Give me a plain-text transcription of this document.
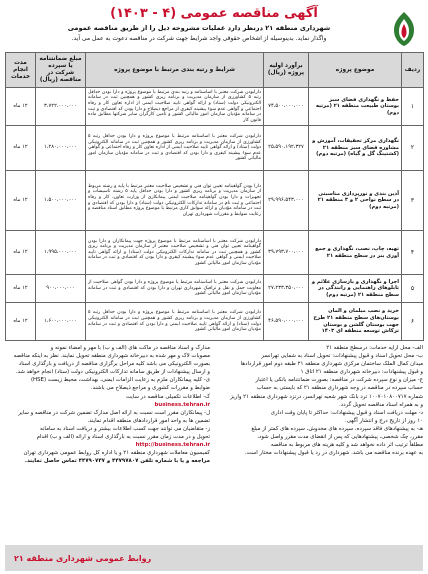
آگهی مناقصه عمومی (۴ - ۱۴۰۳)
شهرداری منطقه ۲۱ درنظر دارد عملیات مشروحه ذیل را از طریق مناقصه عمومی
واگذار نماید. بدینوسیله از اشخاص حقوقی واجد شرایط جهت شرکت در مناقصه دعوت به عمل می آید.
ردیف	موضوع پروژه	برآورد اولیه پروژه (ریال)	شرایط و رتبه بندی مرتبط با موضوع پروژه	مبلغ ضمانتنامه یا سپرده شرکت در مناقصه (ریال)	مدت انجام خدمات
۱	حفظ و نگهداری فضای سبز بوستان طبیعت منطقه ۲۱ (مرتبه دوم)	۷۴،۵۰۰،۰۰۰،۰۰۰	دارابودن شرکت معتبر با اساسنامه و رتبه بندی مرتبط با موضوع پروژه و دارا بودن حداقل رتبه ۵ کشاورزی از سازمان مدیریت و برنامه ریزی کشور و همچنین ثبت در سامانه الکترونیکی دولت (ستاد) و ارائه گواهی تایید صلاحیت ایمنی از اداره تعاون کار و رفاه اجتماعی و گواهی عدم سوء پیشینه کیفری از مراجع ذیصلاح و دارا بودن کد اقتصادی و ثبت در سامانه مؤدیان سازمان امور مالیاتی کشور و تأمین کارگران سایر شرکتها مطابق ماده قانون کار	۳،۷۲۲،۰۰۰،۰۰۰	۱۲ ماه
۲	نگهداری مرکز تحقیقات، آموزش و مشاوره فضای سبز منطقه ۲۱ (کشتینگ گل و گیاه) (مرتبه دوم)	۲۵،۵۹۰،۱۹۲،۳۲۷	دارابودن شرکت معتبر با اساسنامه مرتبط با موضوع پروژه و دارا بودن حداقل رتبه ۵ کشاورزی از سازمان مدیریت و برنامه ریزی کشور و همچنین ثبت در سامانه الکترونیکی دولت (ستاد) و ارائه گواهی تایید صلاحیت ایمنی از اداره تعاون کار و رفاه اجتماعی و گواهی عدم سوء پیشینه کیفری و دارا بودن کد اقتصادی و ثبت در سامانه مؤدیان سازمان امور مالیاتی کشور	۱،۲۸۰،۰۰۰،۰۰۰	۱۲ ماه
۳	آذین بندی و نورپردازی مناسبتی در سطح نواحی ۲ و ۳ منطقه ۲۱ (مرتبه دوم)	۲۹،۹۹۶،۵۴۳،۰۰۰	دارا بودن گواهینامه تعیین توان فنی و تشخیص صلاحیت معتبر مرتبط با پایه و رشته مربوط از سازمان مدیریت و برنامه ریزی کشور و دارا بودن حداقل پایه ۵ رشته تاسیسات و تجهیزات و دارا بودن گواهینامه صلاحیت ایمنی پیمانکاری از وزارت تعاون، کار و رفاه اجتماعی و ثبت نام در سامانه تدارکات الکترونیکی دولت (ستاد) و دارا بودن کد اقتصادی و ثبت در سامانه مؤدیان و ارائه سوابق کاری مرتبط با موضوع پروژه مطابق اسناد مناقصه و رعایت ضوابط و مقررات شهرداری تهران	۱،۵۰۰،۰۰۰،۰۰۰	۱۲ ماه
۴	تهیه، چاپ، نصب، نگهداری و جمع آوری بنر در سطح منطقه ۲۱	۳۹،۷۹۳،۷۰۰،۰۰۰	دارابودن شرکت معتبر با اساسنامه مرتبط با موضوع پروژه جهت پیمانکاران و دارا بودن گواهینامه تعیین توان فنی و تشخیص صلاحیت معتبر از سازمان مدیریت و برنامه ریزی کشور و همچنین ثبت در سامانه تدارکات الکترونیکی دولت (ستاد) و ارائه گواهی تایید صلاحیت ایمنی و گواهی عدم سوء پیشینه کیفری و دارا بودن کد اقتصادی و ثبت در سامانه مؤدیان سازمان امور مالیاتی کشور	۱،۹۹۵،۰۰۰،۰۰۰	۱۲ ماه
۵	اجرا و نگهداری و بازسازی علائم و تابلوهای راهنمایی و رانندگی در سطح منطقه ۲۱ (مرتبه دوم)	۲۷،۲۳۳،۳۵۰،۰۰۰	دارابودن شرکت معتبر با اساسنامه مرتبط با موضوع پروژه و دارا بودن گواهی صلاحیت از معاونت حمل و نقل و ترافیک شهرداری تهران و دارا بودن کد اقتصادی و ثبت در سامانه مؤدیان سازمان امور مالیاتی کشور	۹۰۰،۰۰۰،۰۰۰	۱۲ ماه
۶	خرید و نصب مبلمان و المان بوستان‌های سطح منطقه ۲۱ طرح جهت بوستان گلشن و بوستان ترکاش توسعه منطقه ای ۱۴۰۳	۴۶،۵۹۰،۰۰۰،۰۰۰	دارابودن شرکت معتبر با اساسنامه مرتبط با موضوع پروژه و دارا بودن حداقل رتبه ۵ کشاورزی از سازمان مدیریت و برنامه ریزی کشور و همچنین ثبت در سامانه الکترونیکی دولت (ستاد) و ارائه گواهی تایید صلاحیت ایمنی و دارا بودن کد اقتصادی و ثبت در سامانه مؤدیان سازمان امور مالیاتی کشور	۱،۶۰۰،۰۰۰،۰۰۰	۱۲ ماه
الف- محل ارایه خدمات: درسطح منطقه ۲۱
ب- محل تحویل اسناد و قبول پیشنهادات: تحویل اسناد به شمایی تهرانسر
میدان کمال الملک ساختمان مرکزی شهرداری منطقه ۲۱ طبقه دوم امور قراردادها
و قبول پیشنهادات: دبیرخانه شهرداری منطقه ۲۱ اتاق ۱
ج- میزان و نوع سپرده شرکت در مناقصه: بصورت ضمانتنامه بانکی یا اعتبار
حساب سپرده در مناقصه در وجه شهرداری منطقه ۲۱ که بایستی به حساب
شماره ۱۰۰۷۰۱۰۸۰۰۷۱۷ ترد بانک شهر شعبه تهرانسر، درنزد شهرداری منطقه ۲۱ واریز
و به همراه اسناد مناقصه تحویل گردد.
د- مهلت دریافت اسناد و قبول پیشنهادات: حداکثر تا پایان وقت اداری
۱۰ روز از تاریخ درج و انتشار آگهی.
هـ- به پیشنهادهای فاقد سپرده، سپرده های مخدوش، سپرده های کمتر از مبلغ
مقرر، چک شخصی، پیشنهادهایی که پس از انقضای مدت مقرر واصل شود،
مطلقاً ترتیب اثر داده نخواهد شد و کلیه هزینه های مربوط به مناقصه
به عهده برنده مناقصه می باشد. شهرداری در رد یا قبول پیشنهادات مختار است.
مدارک و اسناد مناقصه در ماکت های (الف و ب) با مهر و امضاء نمونه و
مصوبات لاک و مهر شده به دبیرخانه شهرداری منطقه تحویل نمایند. نظر به اینکه مناقصه
بصورت الکترونیکی می باشد کلیه مراحل برگزاری مناقصه از دریافت و بارگذاری اسناد
و ارسال پیشنهادات از طریق سامانه تدارکات الکترونیکی دولت (ستاد) انجام خواهد شد.
ی- کلیه پیمانکاران ملزم به رعایت الزامات ایمنی، بهداشت، محیط زیست (HSE)
ضوابط و مقررات کشوری و مراجع ذیصلاح می باشند.
ک- اطلاعات تکمیلی مناقصه در سایت
business.tehran.ir
ل- پیمانکاران مقرر است نسبت به ارائه اصل مدارک تضمین شرکت در مناقصه و سایر
تضمین ها به واحد امور قراردادهای منطقه اقدام نمایند.
ز- متقاضیان می توانند جهت کسب اطلاعات بیشتر و دریافت اسناد به سامانه
تحویل و در مدت زمان مقرر نسبت به بارگذاری اسناد و ارائه (الف و ب) اقدام
http://business.tehran.ir
کمیسیون معاملات شهرداری منطقه ۲۱ و یا اداره کل روابط عمومی شهرداری تهران
مراجعه و یا با شماره تلفن ۴۴۷۹۷۸۰۷ و ۴۴۷۹۰۷۴۷ تماس حاصل نمایند.
روابط عمومی شهرداری منطقه ۲۱
